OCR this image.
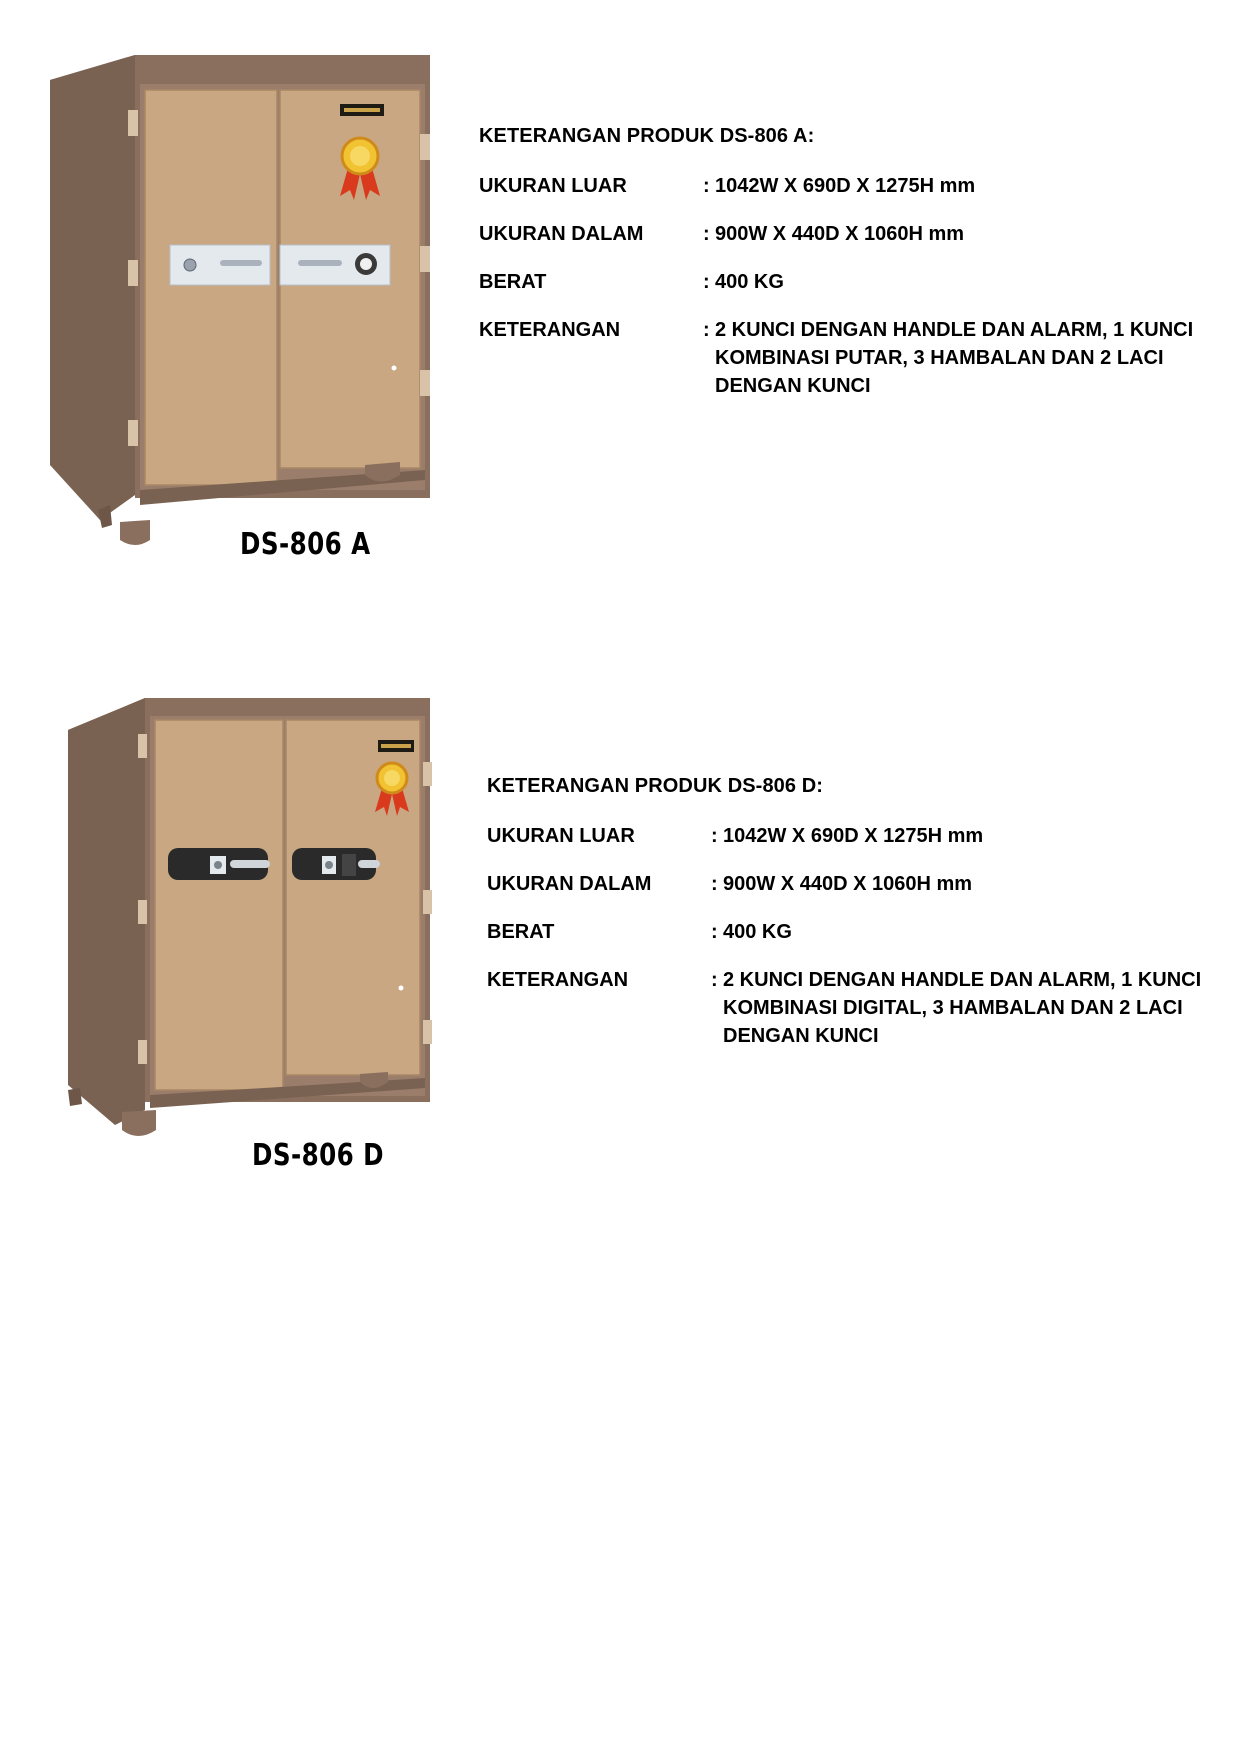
KETERANGAN PRODUK DS-806 A:
UKURAN LUAR	: 1042W X 690D X 1275H mm
UKURAN DALAM	: 900W X 440D X 1060H mm
BERAT	: 400 KG
KETERANGAN	: 2 KUNCI DENGAN HANDLE DAN ALARM, 1 KUNCI KOMBINASI PUTAR, 3 HAMBALAN DAN 2 LACI DENGAN KUNCI
DS-806 A
KETERANGAN PRODUK DS-806 D:
UKURAN LUAR	: 1042W X 690D X 1275H mm
UKURAN DALAM	: 900W X 440D X 1060H mm
BERAT	: 400 KG
KETERANGAN	: 2 KUNCI DENGAN HANDLE DAN ALARM, 1 KUNCI KOMBINASI DIGITAL, 3 HAMBALAN DAN 2 LACI DENGAN KUNCI
DS-806 D
